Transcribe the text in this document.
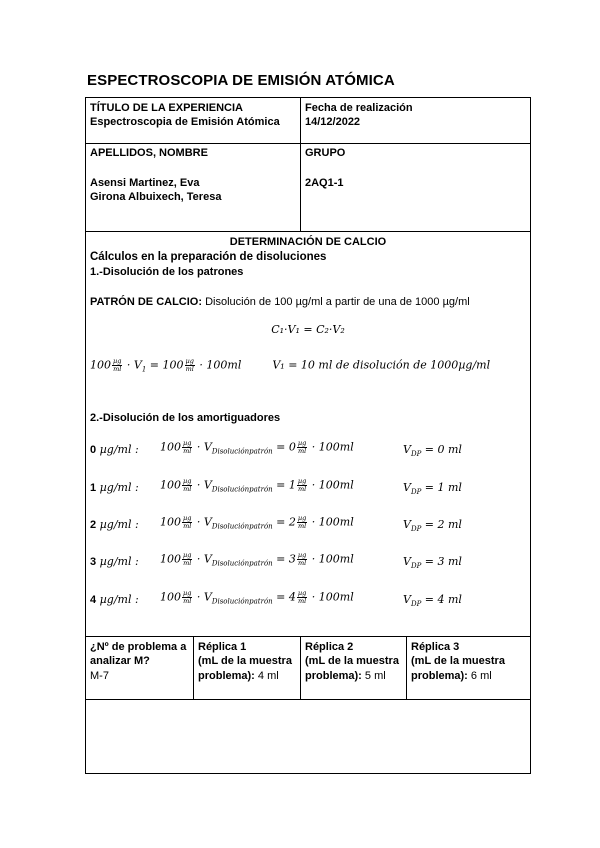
ESPECTROSCOPIA DE EMISIÓN ATÓMICA
TÍTULO DE LA EXPERIENCIA
Espectroscopia de Emisión Atómica
Fecha de realización
14/12/2022
APELLIDOS, NOMBRE
Asensi Martinez, Eva
Girona Albuixech, Teresa
GRUPO
2AQ1-1
DETERMINACIÓN DE CALCIO
Cálculos en la preparación de disoluciones
1.-Disolución de los patrones
PATRÓN DE CALCIO: Disolución de 100 µg/ml a partir de una de 1000 µg/ml
C₁·V₁ = C₂·V₂
$100 \frac{\text{µg}}{ml} \cdot V_1 = 100 \frac{\text{µg}}{ml} \cdot 100ml$	V₁ = 10 ml de disolución de 1000µg/ml
2.-Disolución de los amortiguadores
0 µg/ml : $100 \frac{\text{µg}}{ml} \cdot V_{Disoluciónpatrón} = 0 \frac{\text{µg}}{ml} \cdot 100ml$	$V_{DP} = 0$ ml
1 µg/ml : $100 \frac{\text{µg}}{ml} \cdot V_{Disoluciónpatrón} = 1 \frac{\text{µg}}{ml} \cdot 100ml$	$V_{DP} = 1$ ml
2 µg/ml : $100 \frac{\text{µg}}{ml} \cdot V_{Disoluciónpatrón} = 2 \frac{\text{µg}}{ml} \cdot 100ml$	$V_{DP} = 2$ ml
3 µg/ml : $100 \frac{\text{µg}}{ml} \cdot V_{Disoluciónpatrón} = 3 \frac{\text{µg}}{ml} \cdot 100ml$	$V_{DP} = 3$ ml
4 µg/ml : $100 \frac{\text{µg}}{ml} \cdot V_{Disoluciónpatrón} = 4 \frac{\text{µg}}{ml} \cdot 100ml$	$V_{DP} = 4$ ml
¿Nº de problema a
analizar M?
M-7
Réplica 1
(mL de la muestra
problema): 4 ml
Réplica 2
(mL de la muestra
problema): 5 ml
Réplica 3
(mL de la muestra
problema): 6 ml
